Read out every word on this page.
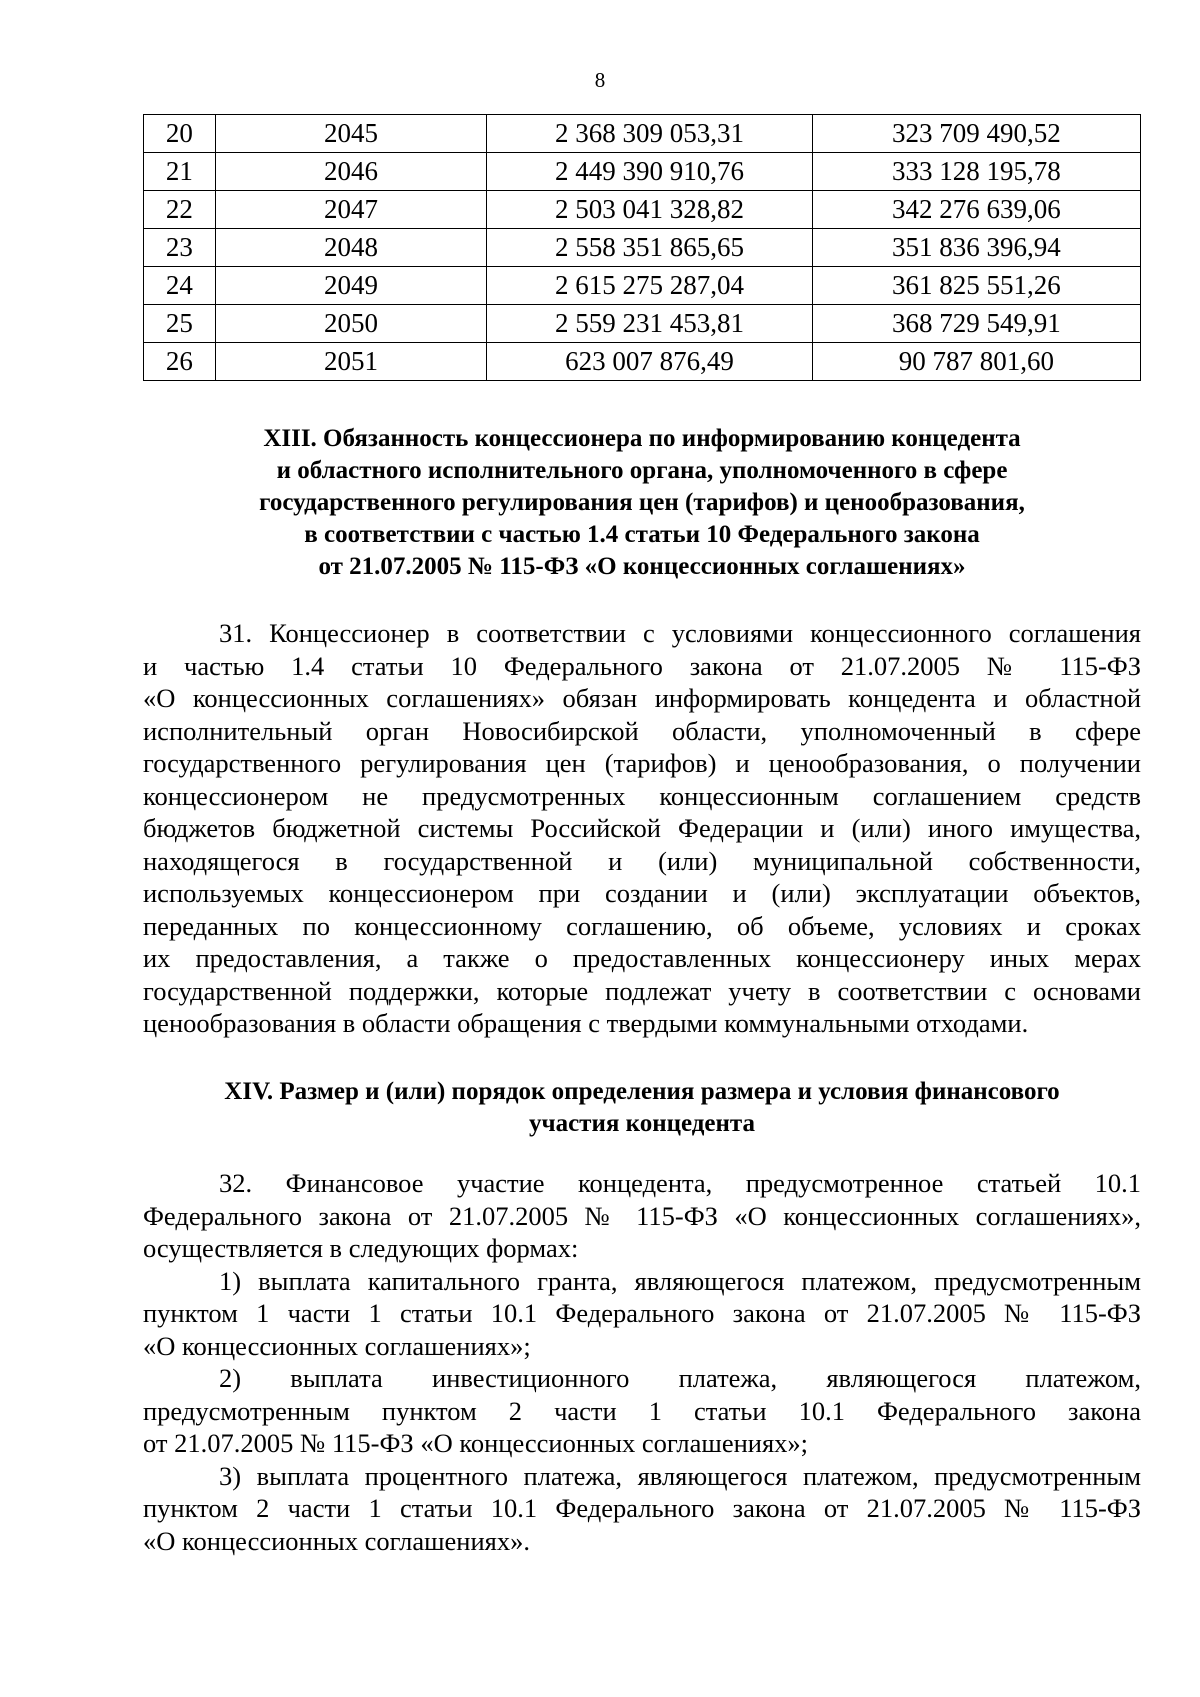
8
20	2045	2 368 309 053,31	323 709 490,52
21	2046	2 449 390 910,76	333 128 195,78
22	2047	2 503 041 328,82	342 276 639,06
23	2048	2 558 351 865,65	351 836 396,94
24	2049	2 615 275 287,04	361 825 551,26
25	2050	2 559 231 453,81	368 729 549,91
26	2051	623 007 876,49	90 787 801,60
XIII. Обязанность концессионера по информированию концедента
и областного исполнительного органа, уполномоченного в сфере
государственного регулирования цен (тарифов) и ценообразования,
в соответствии с частью 1.4 статьи 10 Федерального закона
от 21.07.2005 № 115-ФЗ «О концессионных соглашениях»
31. Концессионер в соответствии с условиями концессионного соглашения
и частью 1.4 статьи 10 Федерального закона от 21.07.2005 № 115-ФЗ
«О концессионных соглашениях» обязан информировать концедента и областной
исполнительный орган Новосибирской области, уполномоченный в сфере
государственного регулирования цен (тарифов) и ценообразования, о получении
концессионером не предусмотренных концессионным соглашением средств
бюджетов бюджетной системы Российской Федерации и (или) иного имущества,
находящегося в государственной и (или) муниципальной собственности,
используемых концессионером при создании и (или) эксплуатации объектов,
переданных по концессионному соглашению, об объеме, условиях и сроках
их предоставления, а также о предоставленных концессионеру иных мерах
государственной поддержки, которые подлежат учету в соответствии с основами
ценообразования в области обращения с твердыми коммунальными отходами.
XIV. Размер и (или) порядок определения размера и условия финансового
участия концедента
32. Финансовое участие концедента, предусмотренное статьей 10.1
Федерального закона от 21.07.2005 № 115-ФЗ «О концессионных соглашениях»,
осуществляется в следующих формах:
1) выплата капитального гранта, являющегося платежом, предусмотренным
пунктом 1 части 1 статьи 10.1 Федерального закона от 21.07.2005 № 115-ФЗ
«О концессионных соглашениях»;
2) выплата инвестиционного платежа, являющегося платежом,
предусмотренным пунктом 2 части 1 статьи 10.1 Федерального закона
от 21.07.2005 № 115-ФЗ «О концессионных соглашениях»;
3) выплата процентного платежа, являющегося платежом, предусмотренным
пунктом 2 части 1 статьи 10.1 Федерального закона от 21.07.2005 № 115-ФЗ
«О концессионных соглашениях».
